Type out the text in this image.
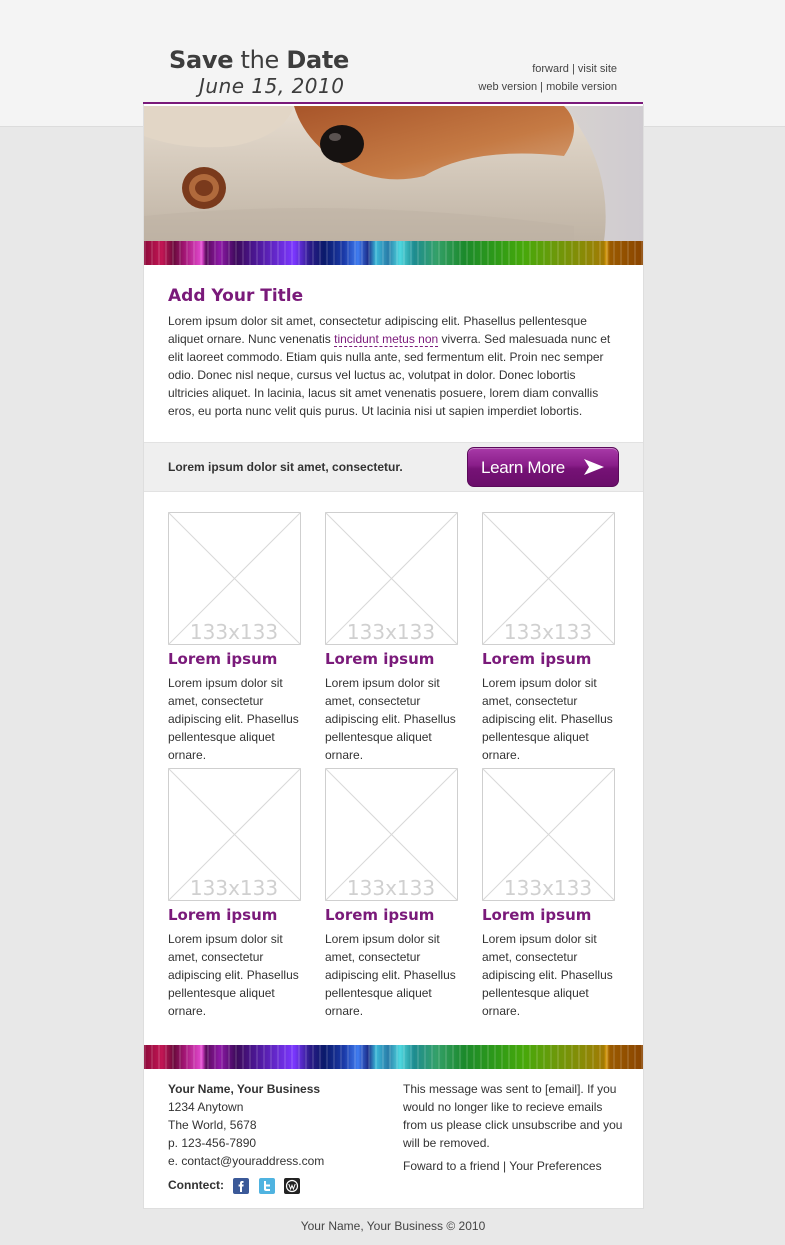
Save the Date
June 15, 2010
forward | visit site
web version | mobile version
Add Your Title

Lorem ipsum dolor sit amet, consectetur adipiscing elit. Phasellus pellentesque aliquet ornare. Nunc venenatis tincidunt metus non viverra. Sed malesuada nunc et elit laoreet commodo. Etiam quis nulla ante, sed fermentum elit. Proin nec semper odio. Donec nisl neque, cursus vel luctus ac, volutpat in dolor. Donec lobortis ultricies aliquet. In lacinia, lacus sit amet venenatis posuere, lorem diam convallis eros, eu porta nunc velit quis purus. Ut lacinia nisi ut sapien imperdiet lobortis.

Lorem ipsum dolor sit amet, consectetur.	Learn More
133x133
Lorem ipsum

Lorem ipsum dolor sit amet, consectetur adipiscing elit. Phasellus pellentesque aliquet ornare.

133x133
Lorem ipsum

Lorem ipsum dolor sit amet, consectetur adipiscing elit. Phasellus pellentesque aliquet ornare.

133x133
Lorem ipsum

Lorem ipsum dolor sit amet, consectetur adipiscing elit. Phasellus pellentesque aliquet ornare.

133x133
Lorem ipsum

Lorem ipsum dolor sit amet, consectetur adipiscing elit. Phasellus pellentesque aliquet ornare.

133x133
Lorem ipsum

Lorem ipsum dolor sit amet, consectetur adipiscing elit. Phasellus pellentesque aliquet ornare.

133x133
Lorem ipsum

Lorem ipsum dolor sit amet, consectetur adipiscing elit. Phasellus pellentesque aliquet ornare.

Your Name, Your Business
1234 Anytown
The World, 5678
p. 123-456-7890
e. contact@youraddress.com
Conntect:
This message was sent to [email]. If you would no longer like to recieve emails from us please click unsubscribe and you will be removed.
Foward to a friend | Your Preferences
Your Name, Your Business © 2010
